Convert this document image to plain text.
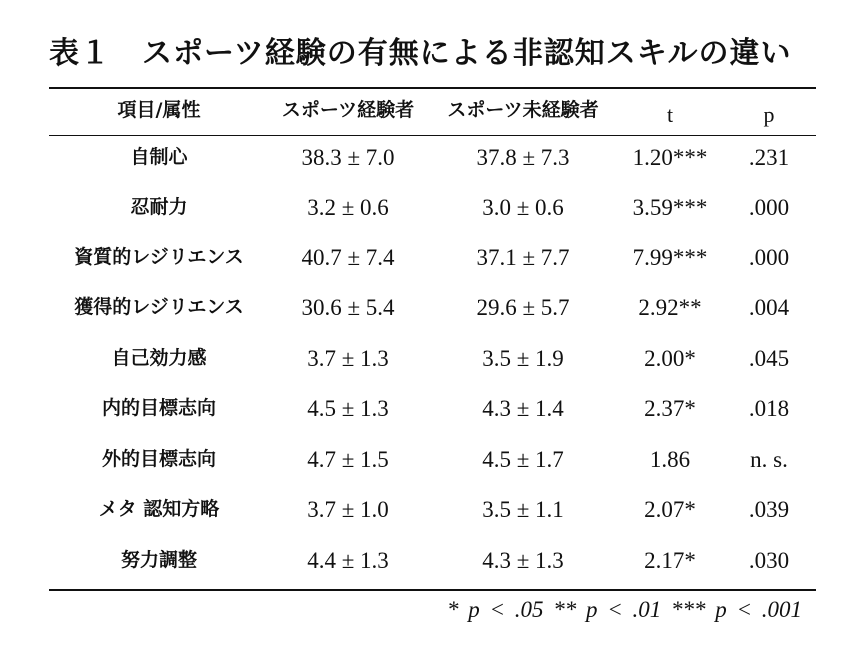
表１　スポーツ経験の有無による非認知スキルの違い
項目/属性	スポーツ経験者 スポーツ未経験者	t	p
自制心	38.3 ± 7.0	37.8 ± 7.3	1.20*** .231
忍耐力	3.2 ± 0.6	3.0 ± 0.6	3.59*** .000
資質的レジリエンス	40.7 ± 7.4	37.1 ± 7.7	7.99*** .000
獲得的レジリエンス	30.6 ± 5.4	29.6 ± 5.7	2.92** .004
自己効力感	3.7 ± 1.3	3.5 ± 1.9	2.00* .045
内的目標志向	4.5 ± 1.3	4.3 ± 1.4	2.37* .018
外的目標志向	4.7 ± 1.5	4.5 ± 1.7	1.86	n. s.
メタ 認知方略	3.7 ± 1.0	3.5 ± 1.1	2.07* .039
努力調整	4.4 ± 1.3	4.3 ± 1.3	2.17* .030
* p < .05 ** p < .01 *** p < .001
